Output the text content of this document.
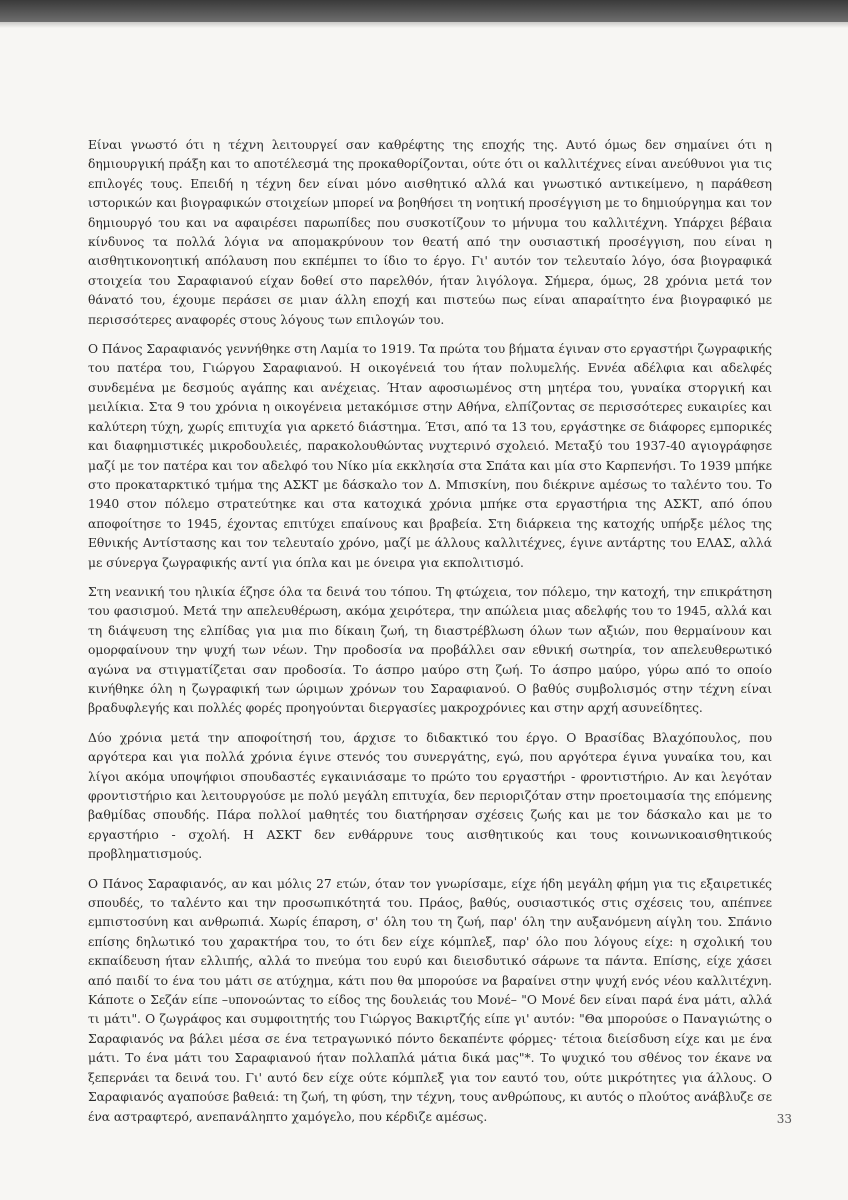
Είναι γνωστό ότι η τέχνη λειτουργεί σαν καθρέφτης της εποχής της. Αυτό όμως δεν σημαίνει ότι η δημιουργική πράξη και το αποτέλεσμά της προκαθορίζονται, ούτε ότι οι καλλιτέχνες είναι ανεύθυνοι για τις επιλογές τους. Επειδή η τέχνη δεν είναι μόνο αισθητικό αλλά και γνωστικό αντικείμενο, η παράθεση ιστορικών και βιογραφικών στοιχείων μπορεί να βοηθήσει τη νοητική προσέγγιση με το δημιούργημα και τον δημιουργό του και να αφαιρέσει παρωπίδες που συσκοτίζουν το μήνυμα του καλλιτέχνη. Υπάρχει βέβαια κίνδυνος τα πολλά λόγια να απομακρύνουν τον θεατή από την ουσιαστική προσέγγιση, που είναι η αισθητικονοητική απόλαυση που εκπέμπει το ίδιο το έργο. Γι' αυτόν τον τελευταίο λόγο, όσα βιογραφικά στοιχεία του Σαραφιανού είχαν δοθεί στο παρελθόν, ήταν λιγόλογα. Σήμερα, όμως, 28 χρόνια μετά τον θάνατό του, έχουμε περάσει σε μιαν άλλη εποχή και πιστεύω πως είναι απαραίτητο ένα βιογραφικό με περισσότερες αναφορές στους λόγους των επιλογών του.

Ο Πάνος Σαραφιανός γεννήθηκε στη Λαμία το 1919. Τα πρώτα του βήματα έγιναν στο εργαστήρι ζωγραφικής του πατέρα του, Γιώργου Σαραφιανού. Η οικογένειά του ήταν πολυμελής. Εννέα αδέλφια και αδελφές συνδεμένα με δεσμούς αγάπης και ανέχειας. Ήταν αφοσιωμένος στη μητέρα του, γυναίκα στοργική και μειλίκια. Στα 9 του χρόνια η οικογένεια μετακόμισε στην Αθήνα, ελπίζοντας σε περισσότερες ευκαιρίες και καλύτερη τύχη, χωρίς επιτυχία για αρκετό διάστημα. Έτσι, από τα 13 του, εργάστηκε σε διάφορες εμπορικές και διαφημιστικές μικροδουλειές, παρακολουθώντας νυχτερινό σχολειό. Μεταξύ του 1937-40 αγιογράφησε μαζί με τον πατέρα και τον αδελφό του Νίκο μία εκκλησία στα Σπάτα και μία στο Καρπενήσι. Το 1939 μπήκε στο προκαταρκτικό τμήμα της ΑΣΚΤ με δάσκαλο τον Δ. Μπισκίνη, που διέκρινε αμέσως το ταλέντο του. Το 1940 στον πόλεμο στρατεύτηκε και στα κατοχικά χρόνια μπήκε στα εργαστήρια της ΑΣΚΤ, από όπου αποφοίτησε το 1945, έχοντας επιτύχει επαίνους και βραβεία. Στη διάρκεια της κατοχής υπήρξε μέλος της Εθνικής Αντίστασης και τον τελευταίο χρόνο, μαζί με άλλους καλλιτέχνες, έγινε αντάρτης του ΕΛΑΣ, αλλά με σύνεργα ζωγραφικής αντί για όπλα και με όνειρα για εκπολιτισμό.

Στη νεανική του ηλικία έζησε όλα τα δεινά του τόπου. Τη φτώχεια, τον πόλεμο, την κατοχή, την επικράτηση του φασισμού. Μετά την απελευθέρωση, ακόμα χειρότερα, την απώλεια μιας αδελφής του το 1945, αλλά και τη διάψευση της ελπίδας για μια πιο δίκαιη ζωή, τη διαστρέβλωση όλων των αξιών, που θερμαίνουν και ομορφαίνουν την ψυχή των νέων. Την προδοσία να προβάλλει σαν εθνική σωτηρία, τον απελευθερωτικό αγώνα να στιγματίζεται σαν προδοσία. Το άσπρο μαύρο στη ζωή. Το άσπρο μαύρο, γύρω από το οποίο κινήθηκε όλη η ζωγραφική των ώριμων χρόνων του Σαραφιανού. Ο βαθύς συμβολισμός στην τέχνη είναι βραδυφλεγής και πολλές φορές προηγούνται διεργασίες μακροχρόνιες και στην αρχή ασυνείδητες.

Δύο χρόνια μετά την αποφοίτησή του, άρχισε το διδακτικό του έργο. Ο Βρασίδας Βλαχόπουλος, που αργότερα και για πολλά χρόνια έγινε στενός του συνεργάτης, εγώ, που αργότερα έγινα γυναίκα του, και λίγοι ακόμα υποψήφιοι σπουδαστές εγκαινιάσαμε το πρώτο του εργαστήρι - φροντιστήριο. Αν και λεγόταν φροντιστήριο και λειτουργούσε με πολύ μεγάλη επιτυχία, δεν περιοριζόταν στην προετοιμασία της επόμενης βαθμίδας σπουδής. Πάρα πολλοί μαθητές του διατήρησαν σχέσεις ζωής και με τον δάσκαλο και με το εργαστήριο - σχολή. Η ΑΣΚΤ δεν ενθάρρυνε τους αισθητικούς και τους κοινωνικοαισθητικούς προβληματισμούς.

Ο Πάνος Σαραφιανός, αν και μόλις 27 ετών, όταν τον γνωρίσαμε, είχε ήδη μεγάλη φήμη για τις εξαιρετικές σπουδές, το ταλέντο και την προσωπικότητά του. Πράος, βαθύς, ουσιαστικός στις σχέσεις του, απέπνεε εμπιστοσύνη και ανθρωπιά. Χωρίς έπαρση, σ' όλη του τη ζωή, παρ' όλη την αυξανόμενη αίγλη του. Σπάνιο επίσης δηλωτικό του χαρακτήρα του, το ότι δεν είχε κόμπλεξ, παρ' όλο που λόγους είχε: η σχολική του εκπαίδευση ήταν ελλιπής, αλλά το πνεύμα του ευρύ και διεισδυτικό σάρωνε τα πάντα. Επίσης, είχε χάσει από παιδί το ένα του μάτι σε ατύχημα, κάτι που θα μπορούσε να βαραίνει στην ψυχή ενός νέου καλλιτέχνη. Κάποτε ο Σεζάν είπε –υπονοώντας το είδος της δουλειάς του Μονέ– "Ο Μονέ δεν είναι παρά ένα μάτι, αλλά τι μάτι". Ο ζωγράφος και συμφοιτητής του Γιώργος Βακιρτζής είπε γι' αυτόν: "Θα μπορούσε ο Παναγιώτης ο Σαραφιανός να βάλει μέσα σε ένα τετραγωνικό πόντο δεκαπέντε φόρμες· τέτοια διείσδυση είχε και με ένα μάτι. Το ένα μάτι του Σαραφιανού ήταν πολλαπλά μάτια δικά μας"*. Το ψυχικό του σθένος τον έκανε να ξεπερνάει τα δεινά του. Γι' αυτό δεν είχε ούτε κόμπλεξ για τον εαυτό του, ούτε μικρότητες για άλλους. Ο Σαραφιανός αγαπούσε βαθειά: τη ζωή, τη φύση, την τέχνη, τους ανθρώπους, κι αυτός ο πλούτος ανάβλυζε σε ένα αστραφτερό, ανεπανάληπτο χαμόγελο, που κέρδιζε αμέσως.	33
